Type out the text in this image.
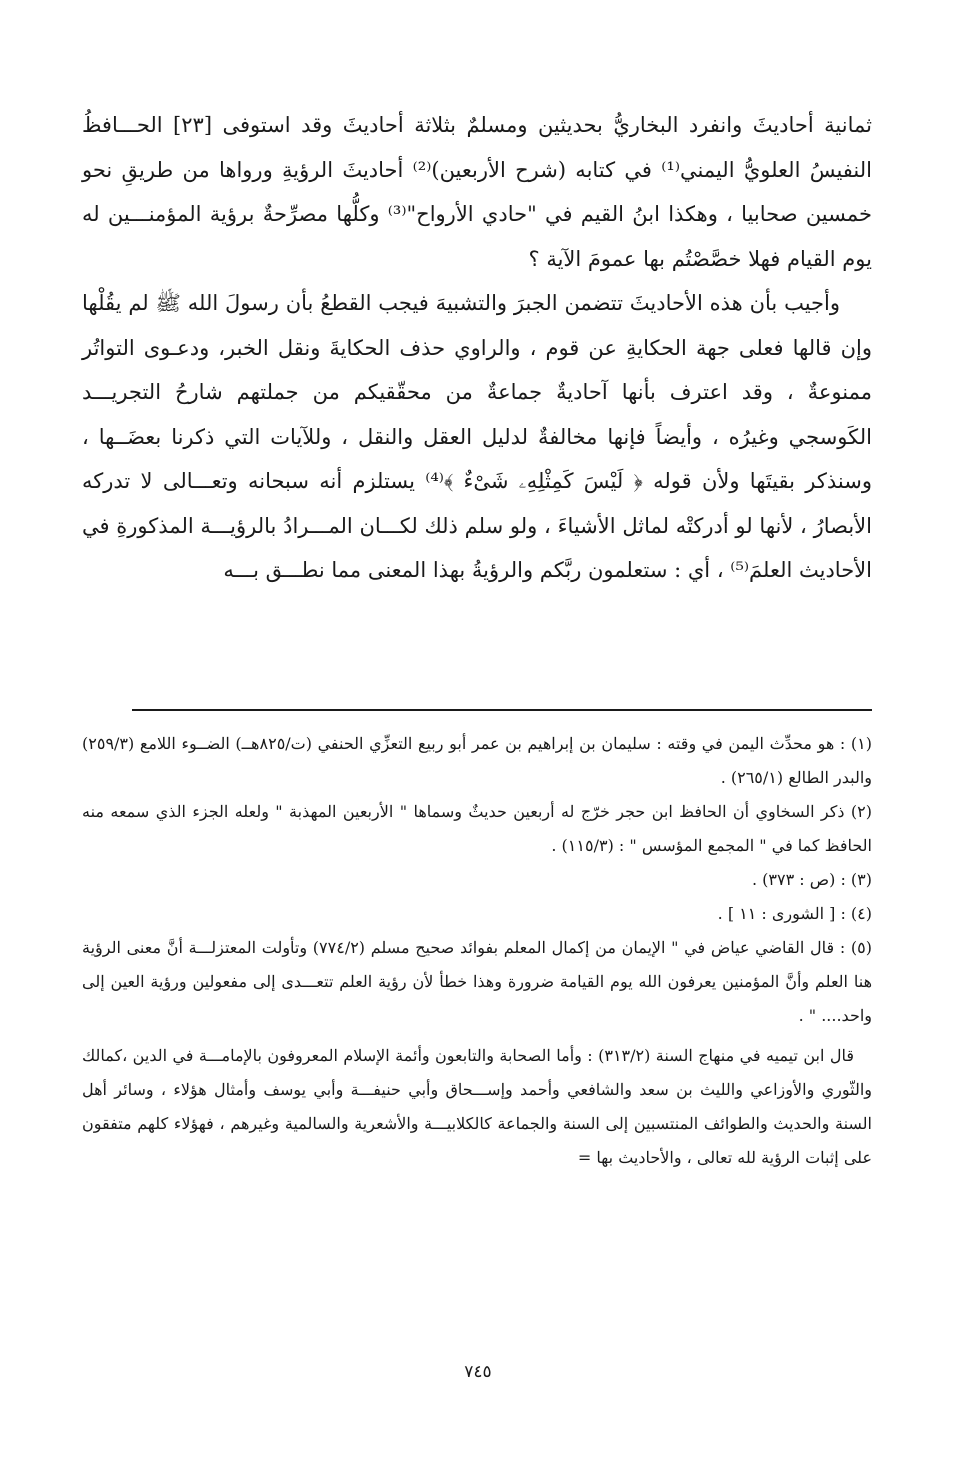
ثمانية أحاديثَ وانفرد البخاريُّ بحديثين ومسلمٌ بثلاثة أحاديثَ وقد استوفى [٢٣] الحـــافظُ النفيسُ العلويُّ اليمني⁽¹⁾ في كتابه (شرح الأربعين)⁽²⁾ أحاديثَ الرؤيةِ ورواها من طريقِ نحو خمسين صحابيا ، وهكذا ابنُ القيم في "حادي الأرواح"⁽³⁾ وكلُّها مصرِّحةٌ برؤية المؤمنـــين له يوم القيام فهلا خصَّصْتُم بها عمومَ الآية ؟

وأجيب بأن هذه الأحاديثَ تتضمن الجبرَ والتشبيهَ فيجب القطعُ بأن رسولَ الله ﷺ لم يقُلْها وإن قالها فعلى جهة الحكايةِ عن قوم ، والراوي حذف الحكايةَ ونقل الخبر، ودعـوى التواتُر ممنوعةٌ ، وقد اعترف بأنها آحاديةٌ جماعةٌ من محقّقيكم من جملتهم شارحُ التجريـــد الكَوسجي وغيرُه ، وأيضاً فإنها مخالفةٌ لدليل العقل والنقل ، وللآيات التي ذكرنا بعضَــها ، وسنذكر بقيتَها ولأن قوله ﴿ لَيْسَ كَمِثْلِهِۦ شَىْءٌ ﴾⁽⁴⁾ يستلزم أنه سبحانه وتعـــالى لا تدركه الأبصارُ ، لأنها لو أدركتْه لماثل الأشياءَ ، ولو سلم ذلك لكـــان المـــرادُ بالرؤيـــة المذكورةِ في الأحاديث العلمَ⁽⁵⁾ ، أي : ستعلمون ربَّكم والرؤيةُ بهذا المعنى مما نطـــق بـــه

(١) : هو محدِّث اليمن في وقته : سليمان بن إبراهيم بن عمر أبو ربيع التعزِّي الحنفي (ت/٨٢٥هــ) الضــوء اللامع (٢٥٩/٣) والبدر الطالع (٢٦٥/١) .

(٢) ذكر السخاوي أن الحافظ ابن حجر خرّج له أربعين حديثٌ وسماها " الأربعين المهذبة " ولعله الجزء الذي سمعه منه الحافظ كما في " المجمع المؤسس " : (١١٥/٣) .

(٣) : (ص : ٣٧٣) .

(٤) : [ الشورى : ١١ ] .

(٥) : قال القاضي عياض في " الإيمان من إكمال المعلم بفوائد صحيح مسلم (٧٧٤/٢) وتأولت المعتزلـــة أنَّ معنى الرؤية هنا العلم وأنَّ المؤمنين يعرفون الله يوم القيامة ضرورة وهذا خطأ لأن رؤية العلم تتعـــدى إلى مفعولين ورؤية العين إلى واحد.... " .

قال ابن تيميه في منهاج السنة (٣١٣/٢) : وأما الصحابة والتابعون وأئمة الإسلام المعروفون بالإمامـــة في الدين ،كمالك والثّوري والأوزاعي والليث بن سعد والشافعي وأحمد وإســـحاق وأبي حنيفـــة وأبي يوسف وأمثال هؤلاء ، وسائر أهل السنة والحديث والطوائف المنتسبين إلى السنة والجماعة كالكلابيـــة والأشعرية والسالمية وغيرهم ، فهؤلاء كلهم متفقون على إثبات الرؤية لله تعالى ، والأحاديث بها =

٧٤٥
